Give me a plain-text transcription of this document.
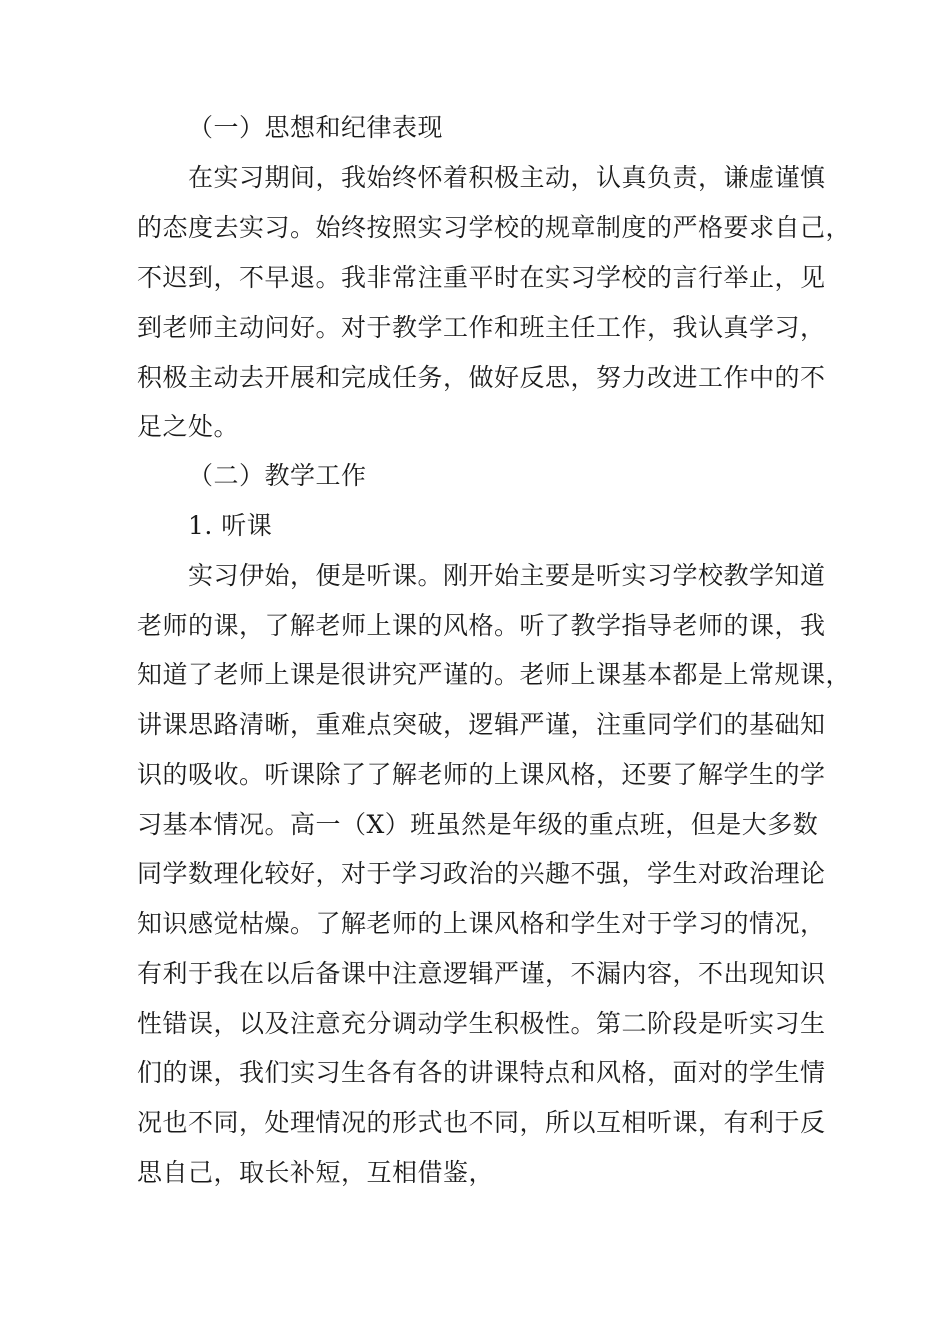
（一）思想和纪律表现
在实习期间，我始终怀着积极主动，认真负责，谦虚谨慎
的态度去实习。始终按照实习学校的规章制度的严格要求自己，
不迟到，不早退。我非常注重平时在实习学校的言行举止，见
到老师主动问好。对于教学工作和班主任工作，我认真学习，
积极主动去开展和完成任务，做好反思，努力改进工作中的不
足之处。
（二）教学工作
1. 听课
实习伊始，便是听课。刚开始主要是听实习学校教学知道
老师的课，了解老师上课的风格。听了教学指导老师的课，我
知道了老师上课是很讲究严谨的。老师上课基本都是上常规课，
讲课思路清晰，重难点突破，逻辑严谨，注重同学们的基础知
识的吸收。听课除了了解老师的上课风格，还要了解学生的学
习基本情况。高一（X）班虽然是年级的重点班，但是大多数
同学数理化较好，对于学习政治的兴趣不强，学生对政治理论
知识感觉枯燥。了解老师的上课风格和学生对于学习的情况，
有利于我在以后备课中注意逻辑严谨，不漏内容，不出现知识
性错误，以及注意充分调动学生积极性。第二阶段是听实习生
们的课，我们实习生各有各的讲课特点和风格，面对的学生情
况也不同，处理情况的形式也不同，所以互相听课，有利于反
思自己，取长补短，互相借鉴，
